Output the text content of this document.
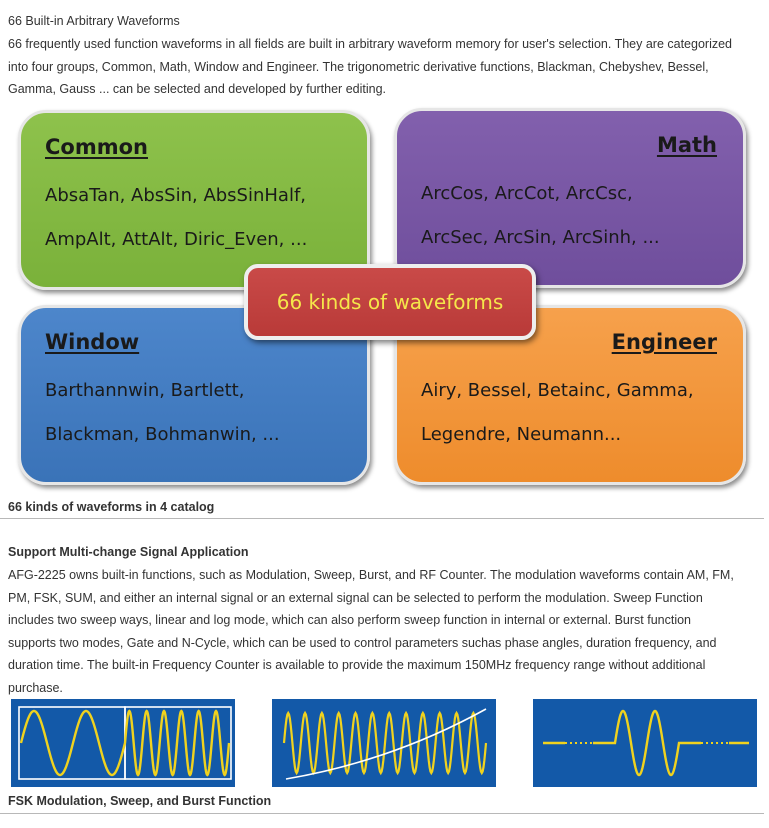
66 Built-in Arbitrary Waveforms
66 frequently used function waveforms in all fields are built in arbitrary waveform memory for user's selection. They are categorized
into four groups, Common, Math, Window and Engineer. The trigonometric derivative functions, Blackman, Chebyshev, Bessel,
Gamma, Gauss ... can be selected and developed by further editing.
Common
AbsaTan, AbsSin, AbsSinHalf,
AmpAlt, AttAlt, Diric_Even, ...
Math
ArcCos, ArcCot, ArcCsc,
ArcSec, ArcSin, ArcSinh, ...
Window
Barthannwin, Bartlett,
Blackman, Bohmanwin, ...
Engineer
Airy, Bessel, Betainc, Gamma,
Legendre, Neumann...
66 kinds of waveforms
66 kinds of waveforms in 4 catalog
Support Multi-change Signal Application
AFG-2225 owns built-in functions, such as Modulation, Sweep, Burst, and RF Counter. The modulation waveforms contain AM, FM,
PM, FSK, SUM, and either an internal signal or an external signal can be selected to perform the modulation. Sweep Function
includes two sweep ways, linear and log mode, which can also perform sweep function in internal or external. Burst function
supports two modes, Gate and N-Cycle, which can be used to control parameters suchas phase angles, duration frequency, and
duration time. The built-in Frequency Counter is available to provide the maximum 150MHz frequency range without additional
purchase.
FSK Modulation, Sweep, and Burst Function
